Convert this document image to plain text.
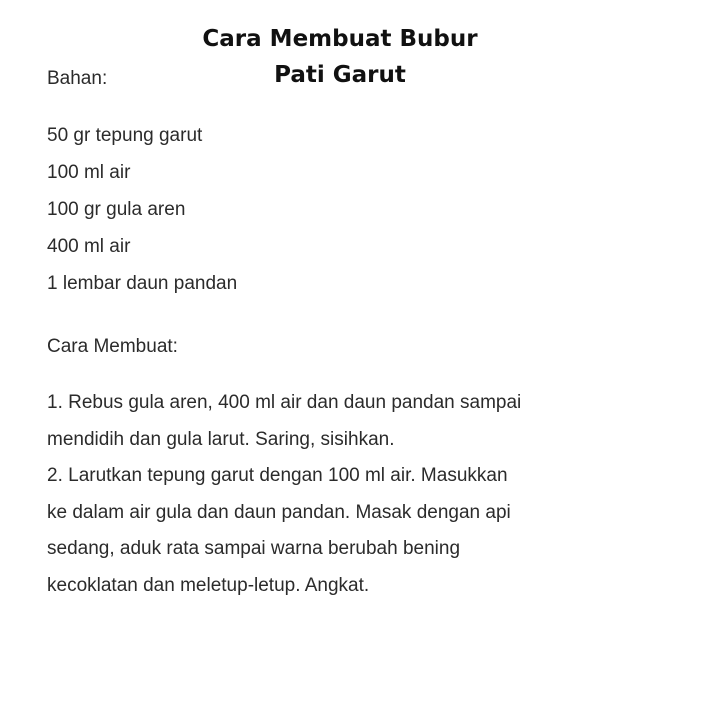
Cara Membuat Bubur
Pati Garut

Bahan:

50 gr tepung garut
100 ml air
100 gr gula aren
400 ml air
1 lembar daun pandan

Cara Membuat:

1. Rebus gula aren, 400 ml air dan daun pandan sampai
mendidih dan gula larut. Saring, sisihkan.
2. Larutkan tepung garut dengan 100 ml air. Masukkan
ke dalam air gula dan daun pandan. Masak dengan api
sedang, aduk rata sampai warna berubah bening
kecoklatan dan meletup-letup. Angkat.
